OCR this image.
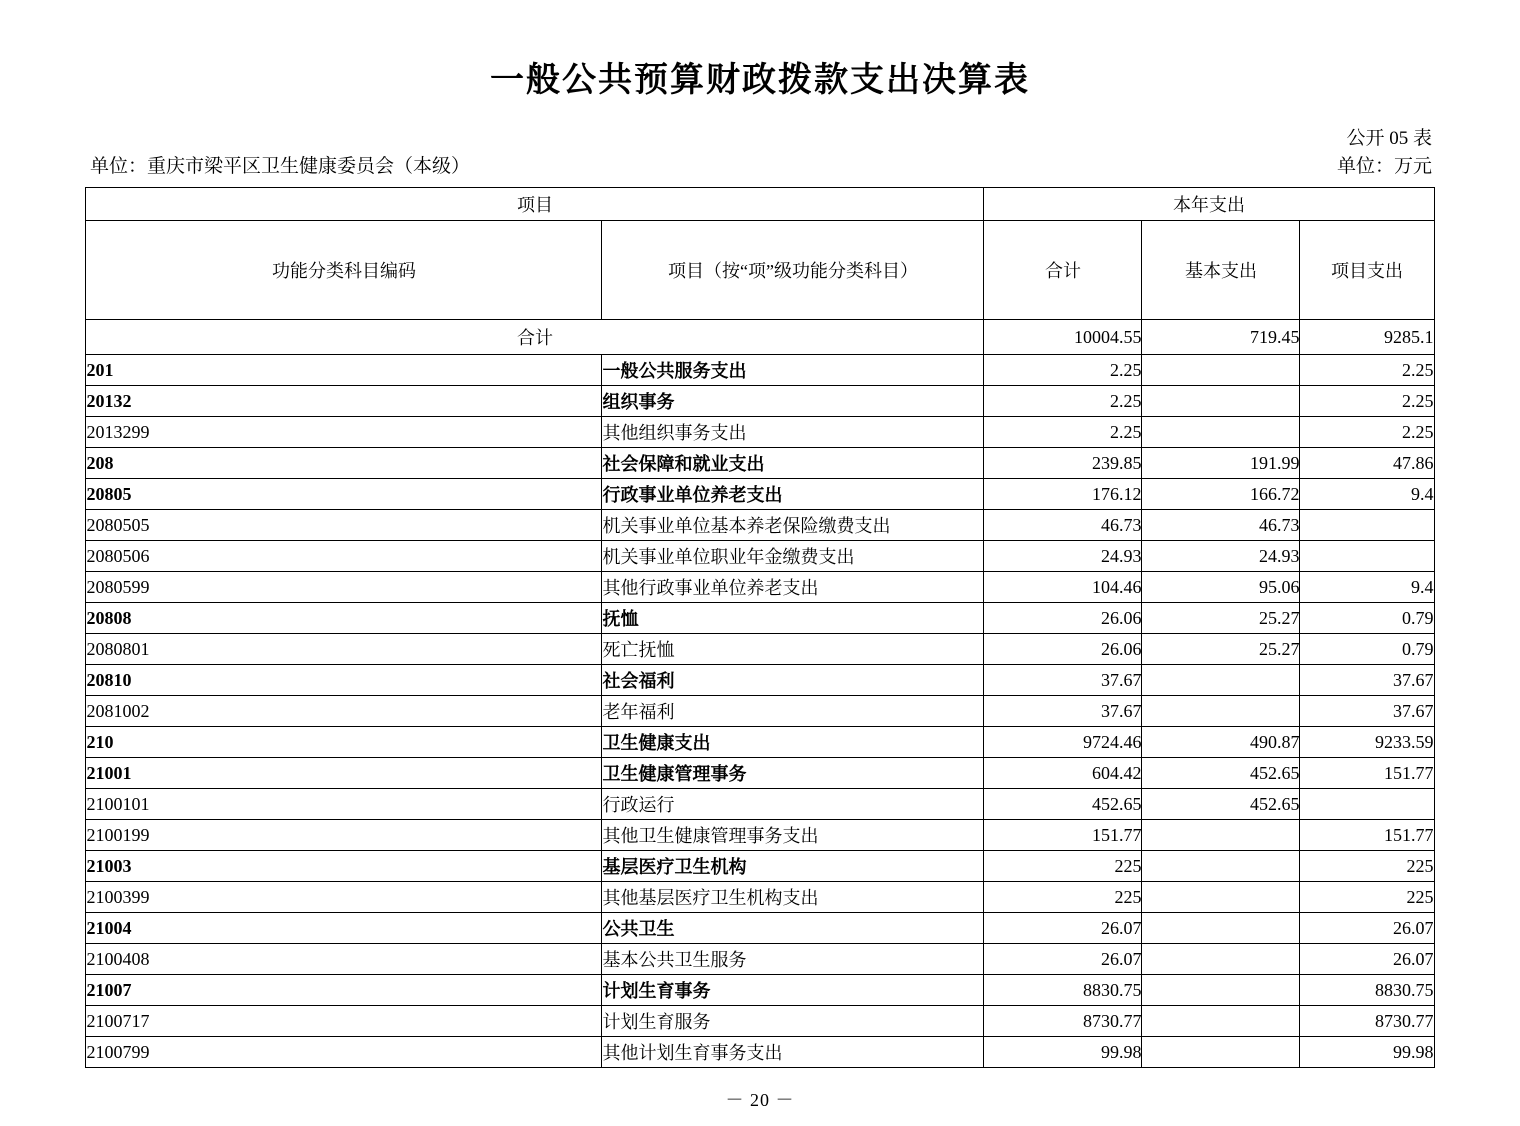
一般公共预算财政拨款支出决算表
公开 05 表
单位：重庆市梁平区卫生健康委员会（本级）	单位：万元
项目		本年支出		
功能分类科目编码	项目（按“项”级功能分类科目）	合计	基本支出	项目支出
合计		10004.55	719.45	9285.1
201	一般公共服务支出	2.25		2.25
20132	组织事务	2.25		2.25
2013299	其他组织事务支出	2.25		2.25
208	社会保障和就业支出	239.85	191.99	47.86
20805	行政事业单位养老支出	176.12	166.72	9.4
2080505	机关事业单位基本养老保险缴费支出	46.73	46.73	
2080506	机关事业单位职业年金缴费支出	24.93	24.93	
2080599	其他行政事业单位养老支出	104.46	95.06	9.4
20808	抚恤	26.06	25.27	0.79
2080801	死亡抚恤	26.06	25.27	0.79
20810	社会福利	37.67		37.67
2081002	老年福利	37.67		37.67
210	卫生健康支出	9724.46	490.87	9233.59
21001	卫生健康管理事务	604.42	452.65	151.77
2100101	行政运行	452.65	452.65	
2100199	其他卫生健康管理事务支出	151.77		151.77
21003	基层医疗卫生机构	225		225
2100399	其他基层医疗卫生机构支出	225		225
21004	公共卫生	26.07		26.07
2100408	基本公共卫生服务	26.07		26.07
21007	计划生育事务	8830.75		8830.75
2100717	计划生育服务	8730.77		8730.77
2100799	其他计划生育事务支出	99.98		99.98
－ 20 －
